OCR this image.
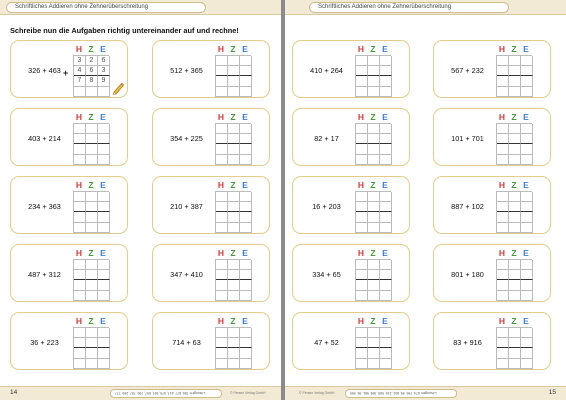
Schriftliches Addieren ohne Zehnerüberschreitung
Schreibe nun die Aufgaben richtig untereinander auf und rechne!
326 + 463
H Z E
3	2	6
4	6	3
7	8	9
+	512 + 365
H Z E
403 + 214
H Z E
354 + 225
H Z E
234 + 363
H Z E
210 + 387
H Z E
487 + 312
H Z E
347 + 410
H Z E
36 + 223
H Z E
714 + 63
H Z E
14	Lösungen: 789, 877, 617, 579, 597, 597, 799, 757, 259, 777	© Persen Verlag GmbH
Schriftliches Addieren ohne Zehnerüberschreitung
410 + 264
H Z E
567 + 232
H Z E
82 + 17
H Z E
101 + 701
H Z E
16 + 203
H Z E
887 + 102
H Z E
334 + 65
H Z E
801 + 180
H Z E
47 + 52
H Z E
83 + 916
H Z E
© Persen Verlag GmbH	Lösungen: 674, 799, 99, 802, 219, 989, 399, 981, 99, 999	15
